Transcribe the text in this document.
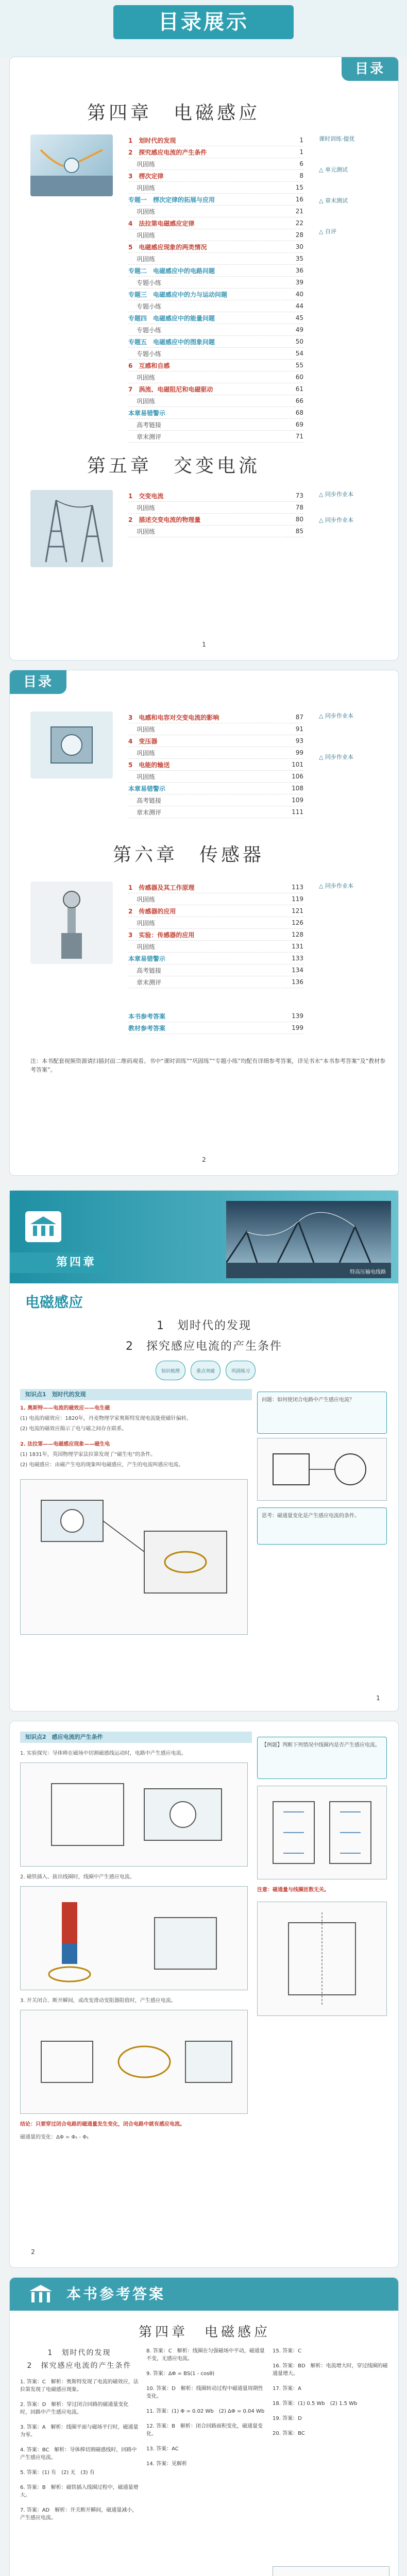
目录展示
目录
第四章　电磁感应
1　划时代的发现	1
2　探究感应电流的产生条件	1
巩固练	6
3　楞次定律	8
巩固练	15
专题一　楞次定律的拓展与应用	16
巩固练	21
4　法拉第电磁感应定律	22
巩固练	28
5　电磁感应现象的两类情况	30
巩固练	35
专题二　电磁感应中的电路问题	36
专题小练	39
专题三　电磁感应中的力与运动问题	40
专题小练	44
专题四　电磁感应中的能量问题	45
专题小练	49
专题五　电磁感应中的图象问题	50
专题小练	54
6　互感和自感	55
巩固练	60
7　涡流、电磁阻尼和电磁驱动	61
巩固练	66
本章易错警示	68
高考链接	69
章末测评	71
课时训练·提优
△ 单元测试
△ 章末测试
△ 自评
第五章　交变电流
1　交变电流	73
巩固练	78
2　描述交变电流的物理量	80
巩固练	85
△ 同步作业本
△ 同步作业本
1
目录
3　电感和电容对交变电流的影响	87
巩固练	91
4　变压器	93
巩固练	99
5　电能的输送	101
巩固练	106
本章易错警示	108
高考链接	109
章末测评	111
△ 同步作业本
△ 同步作业本
第六章　传感器
1　传感器及其工作原理	113
巩固练	119
2　传感器的应用	121
巩固练	126
3　实验：传感器的应用	128
巩固练	131
本章易错警示	133
高考链接	134
章末测评	136
本书参考答案	139
教材参考答案	199
△ 同步作业本
注：本书配套视频资源请扫描封面二维码观看。书中“课时训练”“巩固练”“专题小练”均配有详细参考答案，详见书末“本书参考答案”及“教材参考答案”。
2
特高压输电线路
第四章
电磁感应
1　划时代的发现
2　探究感应电流的产生条件
知识梳理	重点突破	巩固练习
知识点1　划时代的发现
1. 奥斯特——电流的磁效应——电生磁
(1) 电流的磁效应：1820年，丹麦物理学家奥斯特发现电流能使磁针偏转。
(2) 电流的磁效应揭示了电与磁之间存在联系。
2. 法拉第——电磁感应现象——磁生电
(1) 1831年，英国物理学家法拉第发现了“磁生电”的条件。
(2) 电磁感应：由磁产生电的现象叫电磁感应，产生的电流叫感应电流。
问题：如何使闭合电路中产生感应电流？
思考：磁通量变化是产生感应电流的条件。
1
知识点2　感应电流的产生条件
1. 实验探究：导体棒在磁场中切割磁感线运动时，电路中产生感应电流。
2. 磁铁插入、拔出线圈时，线圈中产生感应电流。
3. 开关闭合、断开瞬间，或改变滑动变阻器阻值时，产生感应电流。
结论：只要穿过闭合电路的磁通量发生变化，闭合电路中就有感应电流。
磁通量的变化：ΔΦ = Φ₂ - Φ₁
【例题】判断下列情况中线圈内是否产生感应电流。
注意：磁通量与线圈匝数无关。
2
本书参考答案
第四章　电磁感应
1　划时代的发现
2　探究感应电流的产生条件
1. 答案：C　解析：奥斯特发现了电流的磁效应，法拉第发现了电磁感应现象。
2. 答案：D　解析：穿过闭合回路的磁通量变化时，回路中产生感应电流。
3. 答案：A　解析：线圈平面与磁场平行时，磁通量为零。
4. 答案：BC　解析：导体棒切割磁感线时，回路中产生感应电流。
5. 答案：(1) 有　(2) 无　(3) 有
6. 答案：B　解析：磁铁插入线圈过程中，磁通量增大。
7. 答案：AD　解析：开关断开瞬间，磁通量减小，产生感应电流。
8. 答案：C　解析：线圈在匀强磁场中平动，磁通量不变，无感应电流。
9. 答案：ΔΦ = BS(1 - cosθ)
10. 答案：D　解析：线圈转动过程中磁通量周期性变化。
11. 答案：(1) Φ = 0.02 Wb　(2) ΔΦ = 0.04 Wb
12. 答案：B　解析：闭合回路面积变化，磁通量变化。
13. 答案：AC
14. 答案：见解析
15. 答案：C
16. 答案：BD　解析：电流增大时，穿过线圈的磁通量增大。
17. 答案：A
18. 答案：(1) 0.5 Wb　(2) 1.5 Wb
19. 答案：D
20. 答案：BC
